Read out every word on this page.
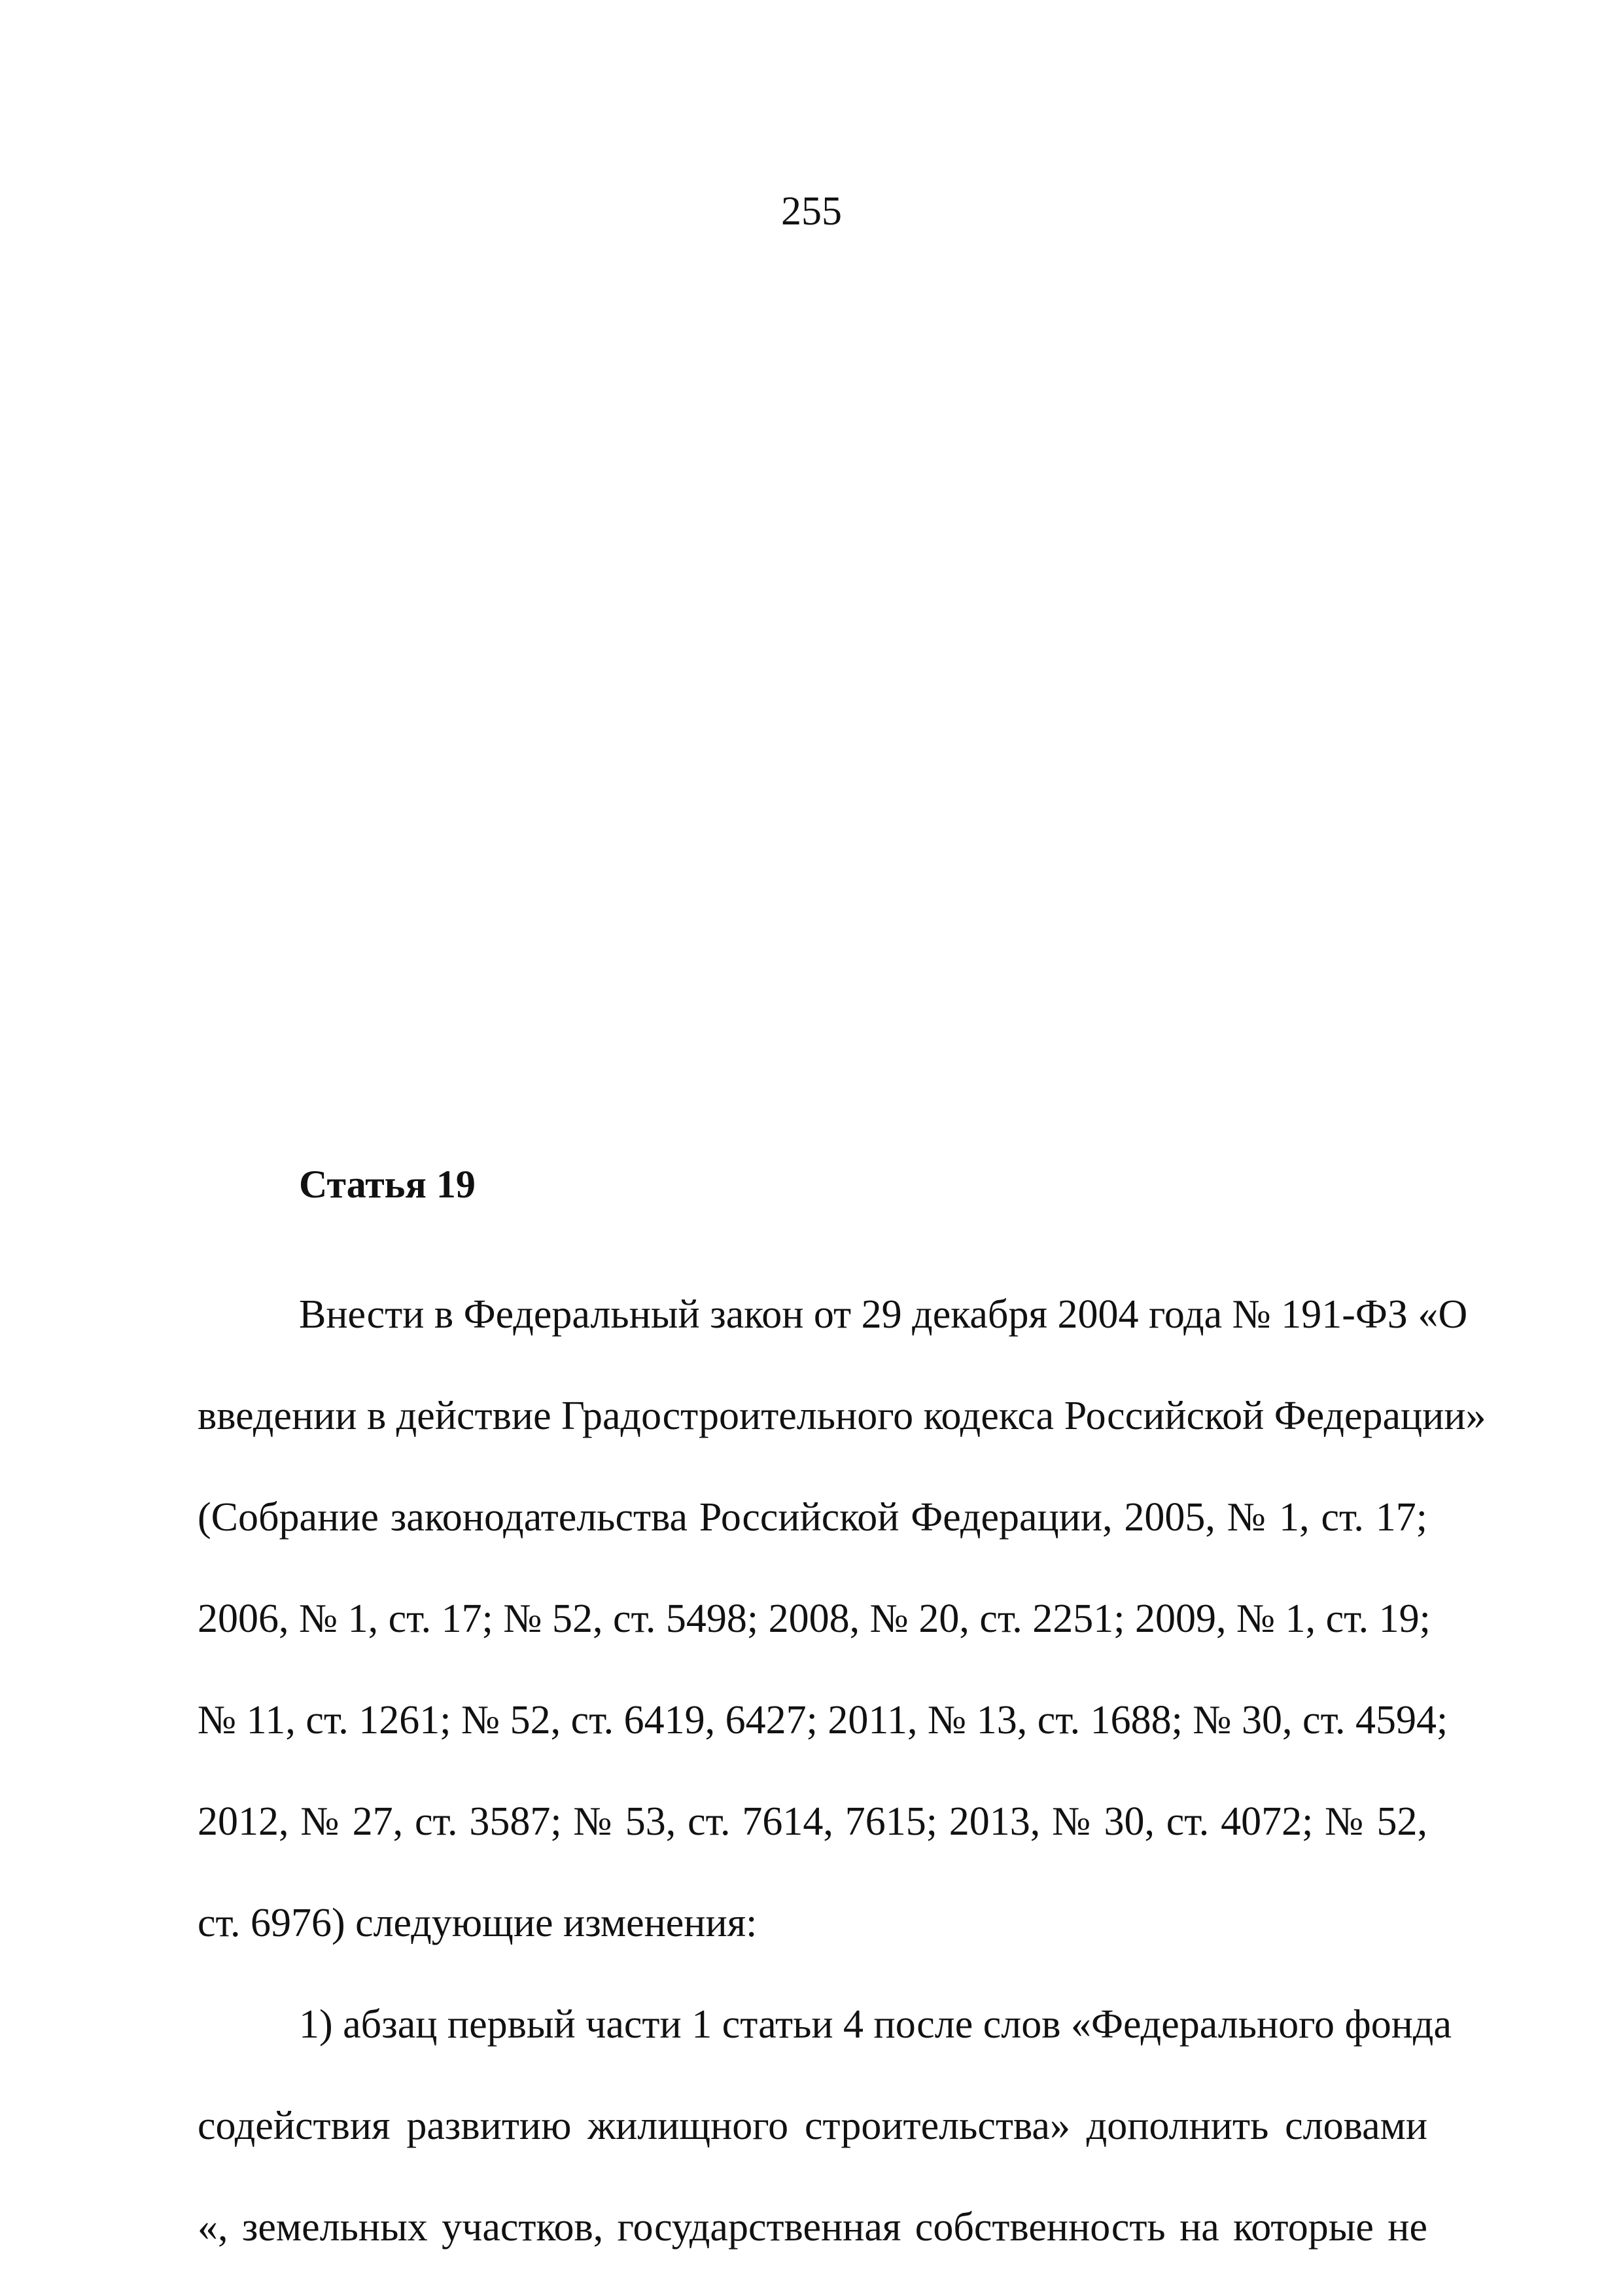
255
Статья 19

Внести в Федеральный закон от 29 декабря 2004 года № 191-ФЗ «О
введении в действие Градостроительного кодекса Российской Федерации»
(Собрание законодательства Российской Федерации, 2005, № 1, ст. 17;
2006, № 1, ст. 17; № 52, ст. 5498; 2008, № 20, ст. 2251; 2009, № 1, ст. 19;
№ 11, ст. 1261; № 52, ст. 6419, 6427; 2011, № 13, ст. 1688; № 30, ст. 4594;
2012, № 27, ст. 3587; № 53, ст. 7614, 7615; 2013, № 30, ст. 4072; № 52,
ст. 6976) следующие изменения:

1) абзац первый части 1 статьи 4 после слов «Федерального фонда
содействия развитию жилищного строительства» дополнить словами
«, земельных участков, государственная собственность на которые не
